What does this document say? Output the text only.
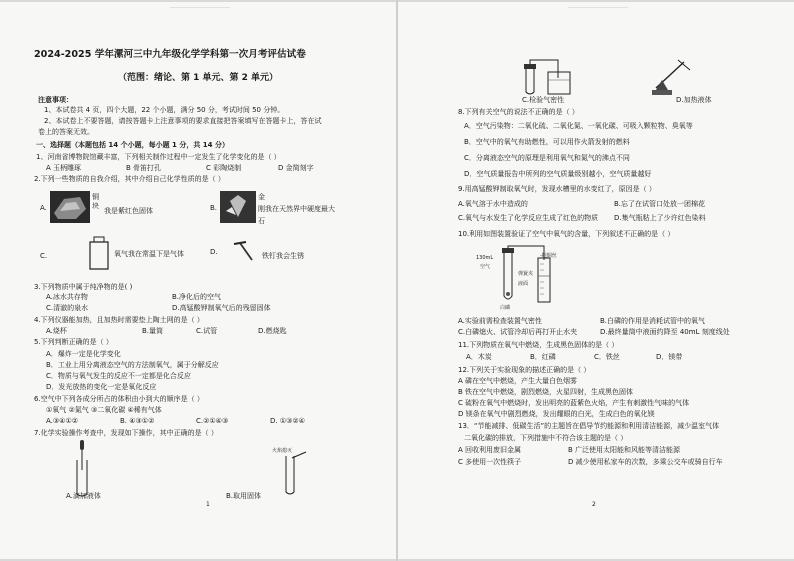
2024-2025 学年漯河三中九年级化学学科第一次月考评估试卷
（范围：绪论、第 1 单元、第 2 单元）
注意事项：
1、本试卷共 4 页，四个大题，22 个小题，满分 50 分，考试时间 50 分钟。
2、本试卷上不要答题，请按答题卡上注意事项的要求直接把答案填写在答题卡上，答在试
卷上的答案无效。
一、选择题（本题包括 14 个小题，每小题 1 分，共 14 分）
1、河南省博物院馆藏丰富，下列相关制作过程中一定发生了化学变化的是（ ）
A 玉柄雕琢	B 骨笛打孔	C 彩陶烧制	D 金简刻字
2.下列一些物质的自我介绍，其中介绍自己化学性质的是（ ）
A.
铜块
我是紫红色固体	B.
金
刚我在天然界中硬度最大
石
C.	氧气我在常温下是气体	D.	铁钉我会生锈
3.下列物质中属于纯净物的是( )
A.冰水共存物	B.净化后的空气
C.清澈的泉水	D.高锰酸钾制氧气后的残留固体
4.下列仪器能加热，且加热时需要垫上陶土网的是（ ）
A.烧杯	B.量筒	C.试管	D.燃烧匙
5.下列判断正确的是（ ）
A．爆炸一定是化学变化
B．工业上用分离液态空气的方法制氧气，属于分解反应
C．物质与氧气发生的反应不一定都是化合反应
D．发光放热的变化一定是氧化反应
6.空气中下列各成分所占的体积由小到大的顺序是（ ）
①氧气 ②氮气 ③二氧化碳 ④稀有气体
A.③④①②	B. ④③①②	C.②①④③	D. ①③②④
7.化学实验操作考查中，发现如下操作，其中正确的是（ ）
A.滴加液体
火焰熄灭
B.取用固体
1
C.检验气密性	D.加热液体
8.下列有关空气的说法不正确的是（ ）
A．空气污染物：二氧化硫、二氧化氮、一氧化碳、可吸入颗粒物、臭氧等
B．空气中的氧气有助燃性，可以用作火箭发射的燃料
C．分离液态空气的原理是利用氧气和氮气的沸点不同
D．空气质量报告中所列的空气质量级别越小，空气质量越好
9.用高锰酸钾制取氧气时，发现水槽里的水变红了，原因是（ ）
A.氧气溶于水中造成的	B.忘了在试管口处放一团棉花
C.氧气与水发生了化学反应生成了红色的物质 D.集气瓶粘上了少许红色染料
10.利用如图装置验证了空气中氧气的含量，下列叙述不正确的是（ ）
130mL
空气
弹簧夹
液面
-粗铜丝
白磷
A.实验前需检查装置气密性	B.白磷的作用是消耗试管中的氧气
C.白磷熄火、试管冷却后再打开止水夹	D.最终量筒中液面约降至 40mL 刻度线处
11.下列物质在氧气中燃烧，生成黑色固体的是（ ）
A．木炭	B．红磷	C．铁丝	D．镁带
12.下列关于实验现象的描述正确的是（ ）
A 磷在空气中燃烧，产生大量白色烟雾
B 铁在空气中燃烧，剧烈燃烧，火星四射，生成黑色固体
C 硫粉在氧气中燃烧时，发出明亮的蓝紫色火焰，产生有刺激性气味的气体
D 镁条在氧气中剧烈燃烧，发出耀眼的白光，生成白色的氧化镁
13．“节能减排、低碳生活”的主题旨在倡导节约能源和利用清洁能源，减少温室气体
二氧化碳的排放，下列措施中不符合该主题的是（ ）
A 回收利用废旧金属	B 广泛使用太阳能和风能等清洁能源
C 多使用一次性筷子	D 减少使用私家车的次数，多乘公交车或骑自行车
2
